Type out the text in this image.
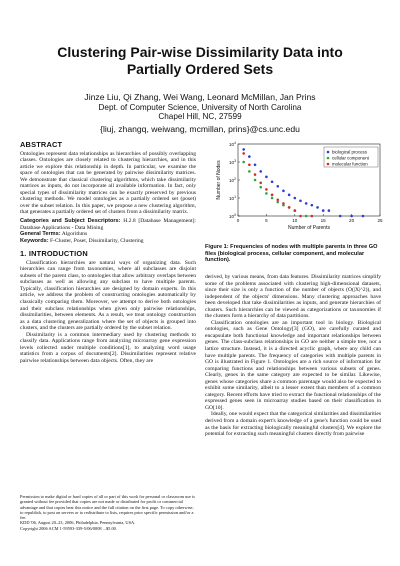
Clustering Pair-wise Dissimilarity Data into
Partially Ordered Sets
Jinze Liu, Qi Zhang, Wei Wang, Leonard McMillan, Jan Prins
Dept. of Computer Science, University of North Carolina
Chapel Hill, NC, 27599
{liuj, zhangq, weiwang, mcmillan, prins}@cs.unc.edu
ABSTRACT

Ontologies represent data relationships as hierarchies of possibly overlapping classes. Ontologies are closely related to clustering hierarchies, and in this article we explore this relationship in depth. In particular, we examine the space of ontologies that can be generated by pairwise dissimilarity matrices. We demonstrate that classical clustering algorithms, which take dissimilarity matrices as inputs, do not incorporate all available information. In fact, only special types of dissimilarity matrices can be exactly preserved by previous clustering methods. We model ontologies as a partially ordered set (poset) over the subset relation. In this paper, we propose a new clustering algorithm, that generates a partially ordered set of clusters from a dissimilarity matrix.

Categories and Subject Descriptors: H.2.8 [Database Management]: Database Applications - Data Mining

General Terms: Algorithms

Keywords: F-Cluster, Poset, Dissimilarity, Clustering

1. INTRODUCTION

Classification hierarchies are natural ways of organizing data. Such hierarchies can range from taxonomies, where all subclasses are disjoint subsets of the parent class, to ontologies that allow arbitrary overlaps between subclasses as well as allowing any subclass to have multiple parents. Typically, classification hierarchies are designed by domain experts. In this article, we address the problem of constructing ontologies automatically by classically comparing them. Moreover, we attempt to derive both ontologies and their subclass relationships when given only pairwise relationships, dissimilarities, between elements. As a result, we treat ontology construction as a data clustering generalization where the set of objects is grouped into clusters, and the clusters are partially ordered by the subset relation.

Dissimilarity is a common intermediary used by clustering methods to classify data. Applications range from analyzing microarray gene expression levels collected under multiple conditions[1], to analyzing word usage statistics from a corpus of documents[2]. Dissimilarities represent relative pairwise relationships between data objects. Often, they are

Permission to make digital or hard copies of all or part of this work for personal or classroom use is granted without fee provided that copies are not made or distributed for profit or commercial advantage and that copies bear this notice and the full citation on the first page. To copy otherwise, to republish, to post on servers or to redistribute to lists, requires prior specific permission and/or a fee.

KDD '06, August 20–23, 2006, Philadelphia, Pennsylvania, USA.

Copyright 2006 ACM 1-59593-339-5/06/0008 ...$5.00.

$10^0$
$10^1$
$10^2$
$10^3$
$10^4$
0	5	10	15	20	25
Number of Parents
Number of Nodes
biological process
cellular component
molecular function
Figure 1: Frequencies of nodes with multiple parents in three GO files (biological process, cellular component, and molecular function).

derived, by various means, from data features. Dissimilarity matrices simplify some of the problems associated with clustering high-dimensional datasets, since their size is only a function of the number of objects (O(|X|^2)), and independent of the objects' dimensions. Many clustering approaches have been developed that take dissimilarities as inputs, and generate hierarchies of clusters. Such hierarchies can be viewed as categorizations or taxonomies if the clusters form a hierarchy of data partitions.

Classification ontologies are an important tool in biology. Biological ontologies, such as Gene Ontology[3] (GO), are carefully curated and encapsulate both functional knowledge and important relationships between genes. The class-subclass relationships in GO are neither a simple tree, nor a lattice structure. Instead, it is a directed acyclic graph, where any child can have multiple parents. The frequency of categories with multiple parents in GO is illustrated in Figure 1. Ontologies are a rich source of information for comparing functions and relationships between various subsets of genes. Clearly, genes in the same category are expected to be similar. Likewise, genes whose categories share a common parentage would also be expected to exhibit some similarity, albeit to a lesser extent than members of a common category. Recent efforts have tried to extract the functional relationships of the expressed genes seen in microarray studies based on their classification in GO[10].

Ideally, one would expect that the categorical similarities and dissimilarities derived from a domain expert's knowledge of a gene's function could be used as the basis for extracting biologically meaningful clusters[4]. We explore the potential for extracting such meaningful clusters directly from pairwise
